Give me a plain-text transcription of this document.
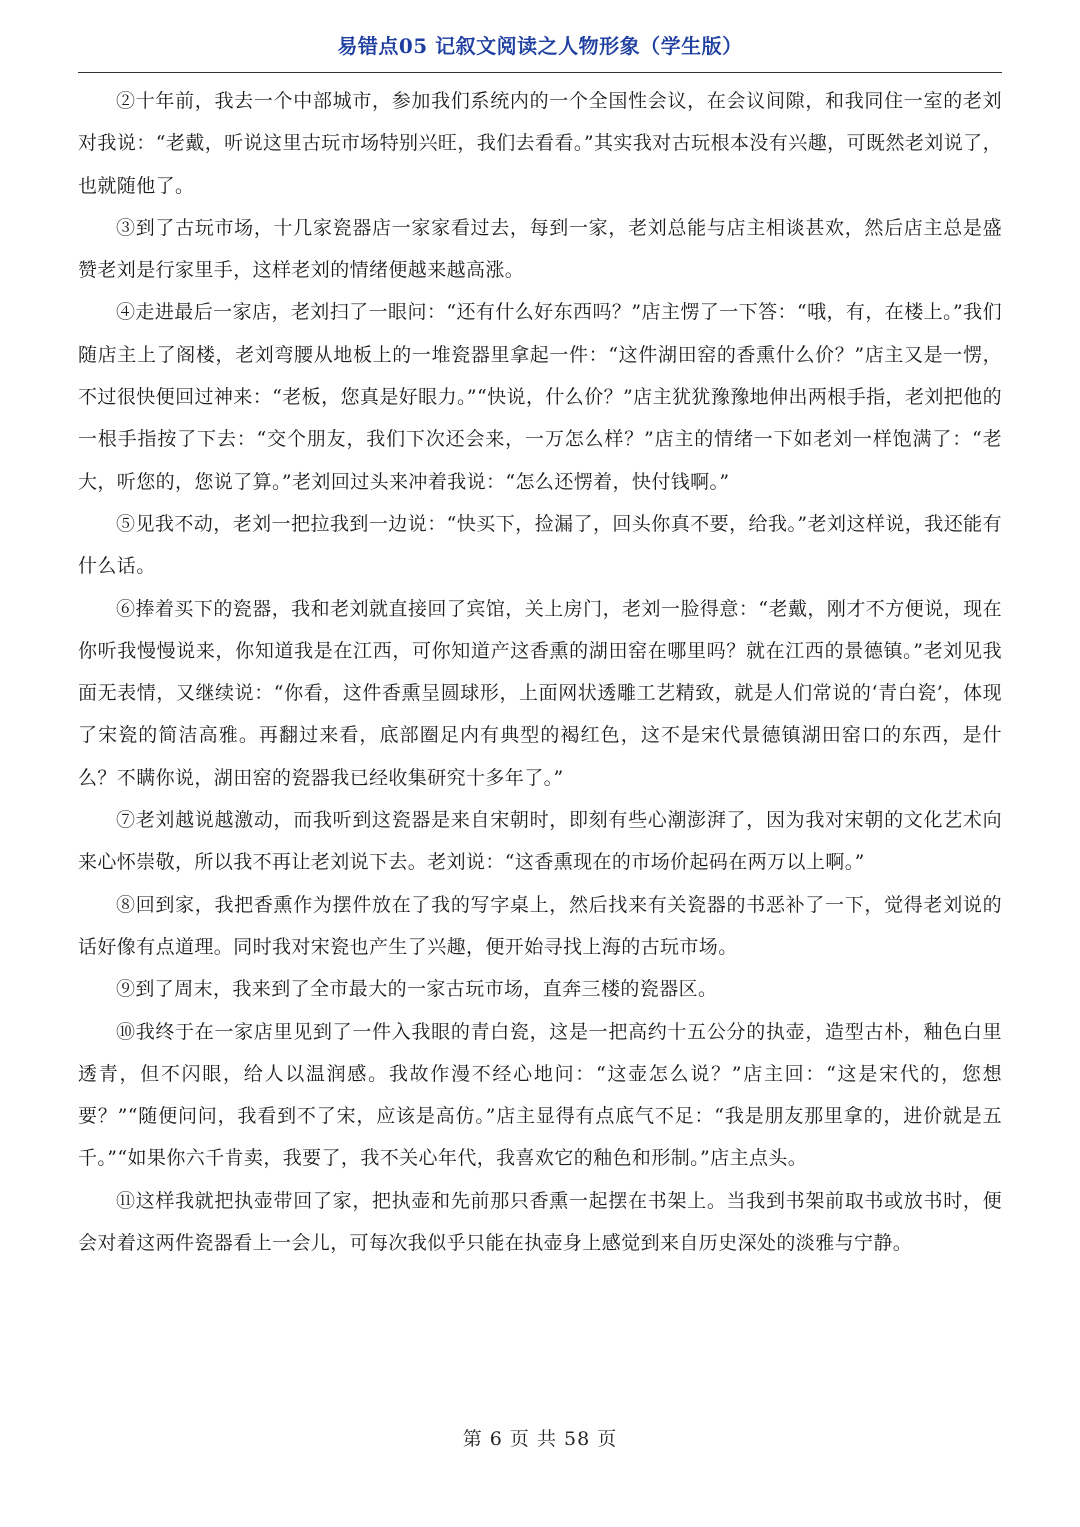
易错点05 记叙文阅读之人物形象（学生版）

②十年前，我去一个中部城市，参加我们系统内的一个全国性会议，在会议间隙，和我同住一室的老刘对我说：“老戴，听说这里古玩市场特别兴旺，我们去看看。”其实我对古玩根本没有兴趣，可既然老刘说了，也就随他了。

③到了古玩市场，十几家瓷器店一家家看过去，每到一家，老刘总能与店主相谈甚欢，然后店主总是盛赞老刘是行家里手，这样老刘的情绪便越来越高涨。

④走进最后一家店，老刘扫了一眼问：“还有什么好东西吗？”店主愣了一下答：“哦，有，在楼上。”我们随店主上了阁楼，老刘弯腰从地板上的一堆瓷器里拿起一件：“这件湖田窑的香熏什么价？”店主又是一愣，不过很快便回过神来：“老板，您真是好眼力。”“快说，什么价？”店主犹犹豫豫地伸出两根手指，老刘把他的一根手指按了下去：“交个朋友，我们下次还会来，一万怎么样？”店主的情绪一下如老刘一样饱满了：“老大，听您的，您说了算。”老刘回过头来冲着我说：“怎么还愣着，快付钱啊。”

⑤见我不动，老刘一把拉我到一边说：“快买下，捡漏了，回头你真不要，给我。”老刘这样说，我还能有什么话。

⑥捧着买下的瓷器，我和老刘就直接回了宾馆，关上房门，老刘一脸得意：“老戴，刚才不方便说，现在你听我慢慢说来，你知道我是在江西，可你知道产这香熏的湖田窑在哪里吗？就在江西的景德镇。”老刘见我面无表情，又继续说：“你看，这件香熏呈圆球形，上面网状透雕工艺精致，就是人们常说的‘青白瓷’，体现了宋瓷的简洁高雅。再翻过来看，底部圈足内有典型的褐红色，这不是宋代景德镇湖田窑口的东西，是什么？不瞒你说，湖田窑的瓷器我已经收集研究十多年了。”

⑦老刘越说越激动，而我听到这瓷器是来自宋朝时，即刻有些心潮澎湃了，因为我对宋朝的文化艺术向来心怀崇敬，所以我不再让老刘说下去。老刘说：“这香熏现在的市场价起码在两万以上啊。”

⑧回到家，我把香熏作为摆件放在了我的写字桌上，然后找来有关瓷器的书恶补了一下，觉得老刘说的话好像有点道理。同时我对宋瓷也产生了兴趣，便开始寻找上海的古玩市场。

⑨到了周末，我来到了全市最大的一家古玩市场，直奔三楼的瓷器区。

⑩我终于在一家店里见到了一件入我眼的青白瓷，这是一把高约十五公分的执壶，造型古朴，釉色白里透青，但不闪眼，给人以温润感。我故作漫不经心地问：“这壶怎么说？”店主回：“这是宋代的，您想要？”“随便问问，我看到不了宋，应该是高仿。”店主显得有点底气不足：“我是朋友那里拿的，进价就是五千。”“如果你六千肯卖，我要了，我不关心年代，我喜欢它的釉色和形制。”店主点头。

⑪这样我就把执壶带回了家，把执壶和先前那只香熏一起摆在书架上。当我到书架前取书或放书时，便会对着这两件瓷器看上一会儿，可每次我似乎只能在执壶身上感觉到来自历史深处的淡雅与宁静。

第 6 页 共 58 页
